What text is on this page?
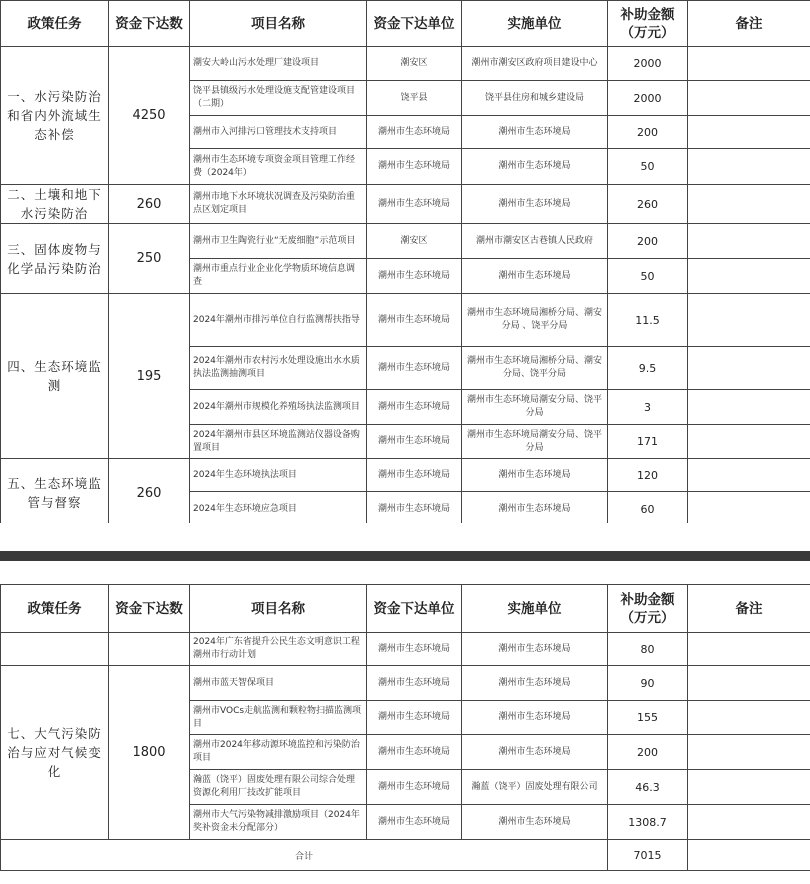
政策任务	资金下达数	项目名称	资金下达单位	实施单位	补助金额（万元）	备注
一、水污染防治和省内外流域生态补偿	4250	潮安大岭山污水处理厂建设项目	潮安区	潮州市潮安区政府项目建设中心	2000	
		饶平县镇级污水处理设施支配管建设项目（二期）	饶平县	饶平县住房和城乡建设局	2000	
		潮州市入河排污口管理技术支持项目	潮州市生态环境局	潮州市生态环境局	200	
		潮州市生态环境专项资金项目管理工作经费（2024年）	潮州市生态环境局	潮州市生态环境局	50	
二、土壤和地下水污染防治	260	潮州市地下水环境状况调查及污染防治重点区划定项目	潮州市生态环境局	潮州市生态环境局	260	
三、固体废物与化学品污染防治	250	潮州市卫生陶瓷行业“无废细胞”示范项目	潮安区	潮州市潮安区古巷镇人民政府	200	
		潮州市重点行业企业化学物质环境信息调查	潮州市生态环境局	潮州市生态环境局	50	
四、生态环境监测	195	2024年潮州市排污单位自行监测帮扶指导	潮州市生态环境局	潮州市生态环境局湘桥分局、潮安分局 、饶平分局	11.5	
		2024年潮州市农村污水处理设施出水水质执法监测抽测项目	潮州市生态环境局	潮州市生态环境局湘桥分局、潮安分局、饶平分局	9.5	
		2024年潮州市规模化养殖场执法监测项目	潮州市生态环境局	潮州市生态环境局潮安分局、饶平分局	3	
		2024年潮州市县区环境监测站仪器设备购置项目	潮州市生态环境局	潮州市生态环境局潮安分局、饶平分局	171	
五、生态环境监管与督察	260	2024年生态环境执法项目	潮州市生态环境局	潮州市生态环境局	120	
		2024年生态环境应急项目	潮州市生态环境局	潮州市生态环境局	60	
政策任务	资金下达数	项目名称	资金下达单位	实施单位	补助金额（万元）	备注
		2024年广东省提升公民生态文明意识工程潮州市行动计划	潮州市生态环境局	潮州市生态环境局	80	
七、大气污染防治与应对气候变化	1800	潮州市蓝天智保项目	潮州市生态环境局	潮州市生态环境局	90	
		潮州市VOCs走航监测和颗粒物扫描监测项目	潮州市生态环境局	潮州市生态环境局	155	
		潮州市2024年移动源环境监控和污染防治项目	潮州市生态环境局	潮州市生态环境局	200	
		瀚蓝（饶平）固废处理有限公司综合处理资源化利用厂技改扩能项目	潮州市生态环境局	瀚蓝（饶平）固废处理有限公司	46.3	
		潮州市大气污染物减排激励项目（2024年奖补资金未分配部分）	潮州市生态环境局	潮州市生态环境局	1308.7	
合计					7015	
